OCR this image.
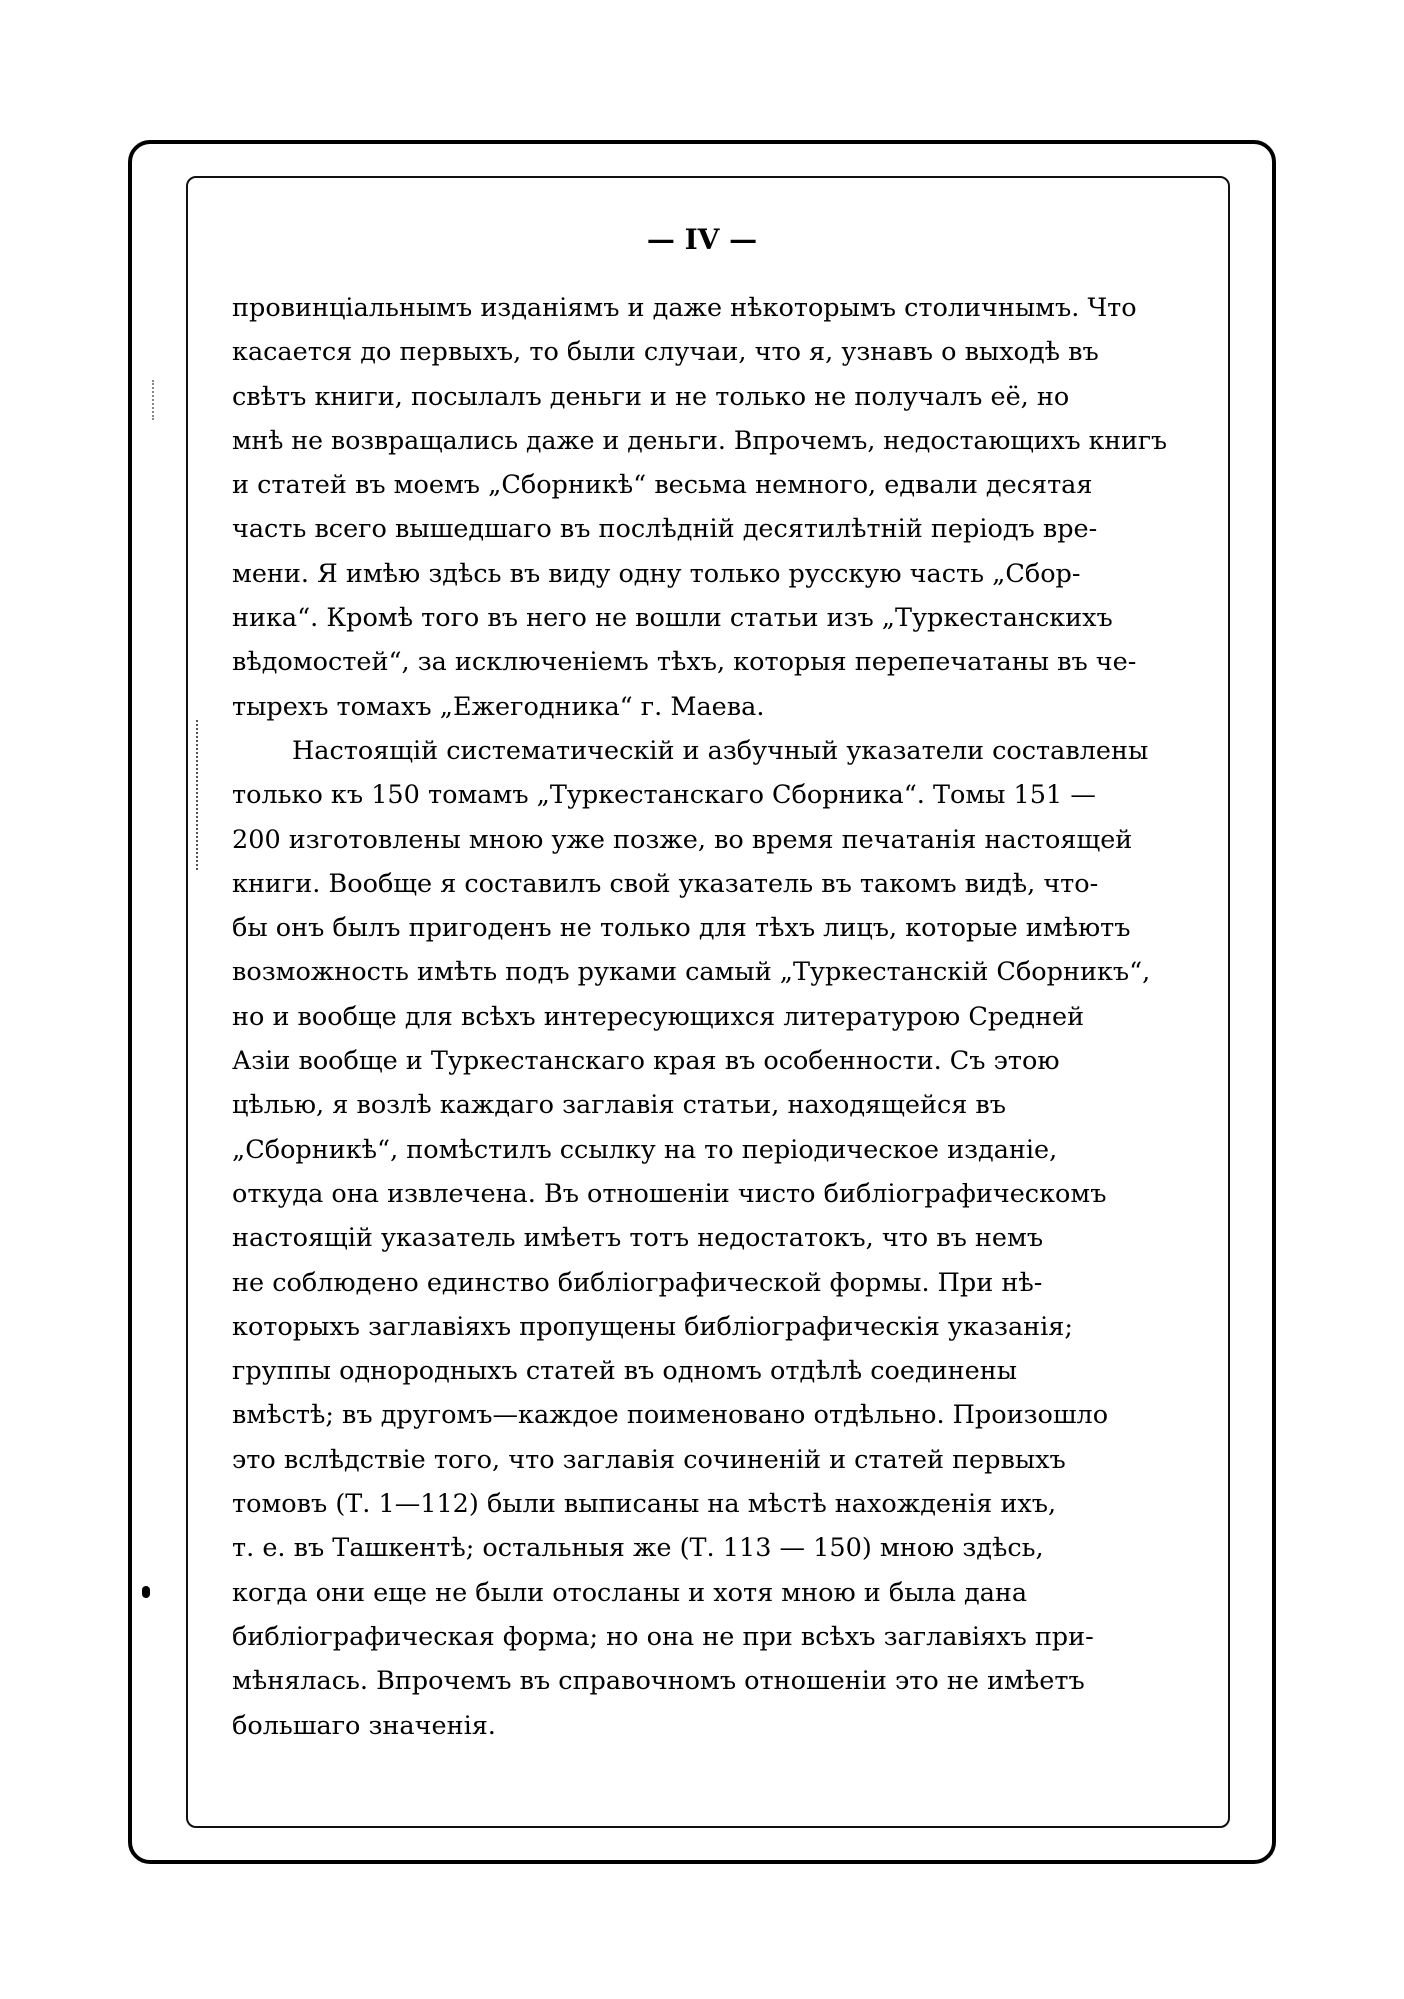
— IV —
провинціальнымъ изданіямъ и даже нѣкоторымъ столичнымъ. Что
касается до первыхъ, то были случаи, что я, узнавъ о выходѣ въ
свѣтъ книги, посылалъ деньги и не только не получалъ её, но
мнѣ не возвращались даже и деньги. Впрочемъ, недостающихъ книгъ
и статей въ моемъ „Сборникѣ“ весьма немного, едвали десятая
часть всего вышедшаго въ послѣдній десятилѣтній періодъ вре-
мени. Я имѣю здѣсь въ виду одну только русскую часть „Сбор-
ника“. Кромѣ того въ него не вошли статьи изъ „Туркестанскихъ
вѣдомостей“, за исключеніемъ тѣхъ, которыя перепечатаны въ че-
тырехъ томахъ „Ежегодника“ г. Маева.
Настоящій систематическій и азбучный указатели составлены
только къ 150 томамъ „Туркестанскаго Сборника“. Томы 151 —
200 изготовлены мною уже позже, во время печатанія настоящей
книги. Вообще я составилъ свой указатель въ такомъ видѣ, что-
бы онъ былъ пригоденъ не только для тѣхъ лицъ, которые имѣютъ
возможность имѣть подъ руками самый „Туркестанскій Сборникъ“,
но и вообще для всѣхъ интересующихся литературою Средней
Азіи вообще и Туркестанскаго края въ особенности. Съ этою
цѣлью, я возлѣ каждаго заглавія статьи, находящейся въ
„Сборникѣ“, помѣстилъ ссылку на то періодическое изданіе,
откуда она извлечена. Въ отношеніи чисто библіографическомъ
настоящій указатель имѣетъ тотъ недостатокъ, что въ немъ
не соблюдено единство библіографической формы. При нѣ-
которыхъ заглавіяхъ пропущены библіографическія указанія;
группы однородныхъ статей въ одномъ отдѣлѣ соединены
вмѣстѣ; въ другомъ—каждое поименовано отдѣльно. Произошло
это вслѣдствіе того, что заглавія сочиненій и статей первыхъ
томовъ (Т. 1—112) были выписаны на мѣстѣ нахожденія ихъ,
т. е. въ Ташкентѣ; остальныя же (Т. 113 — 150) мною здѣсь,
когда они еще не были отосланы и хотя мною и была дана
библіографическая форма; но она не при всѣхъ заглавіяхъ при-
мѣнялась. Впрочемъ въ справочномъ отношеніи это не имѣетъ
большаго значенія.
